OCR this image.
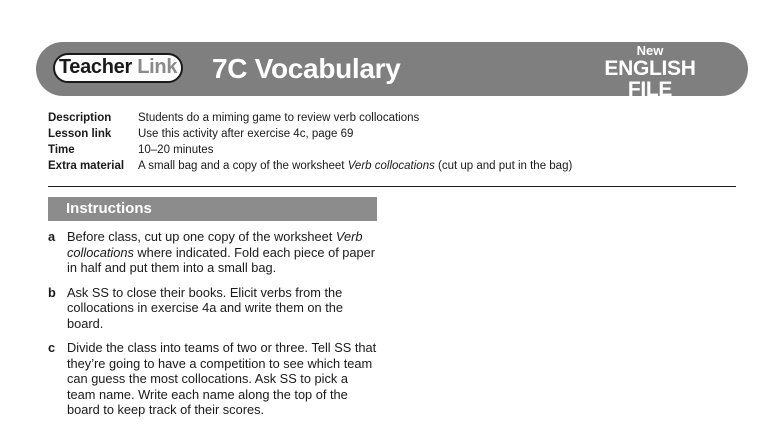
Teacher Link 7C Vocabulary
New
ENGLISH FILE
Beginner
Description	Students do a miming game to review verb collocations
Lesson link	Use this activity after exercise 4c, page 69
Time	10–20 minutes
Extra material	A small bag and a copy of the worksheet Verb collocations (cut up and put in the bag)
Instructions
a Before class, cut up one copy of the worksheet Verb collocations where indicated. Fold each piece of paper in half and put them into a small bag.
b Ask SS to close their books. Elicit verbs from the collocations in exercise 4a and write them on the board.
c Divide the class into teams of two or three. Tell SS that they’re going to have a competition to see which team can guess the most collocations. Ask SS to pick a team name. Write each name along the top of the board to keep track of their scores.
